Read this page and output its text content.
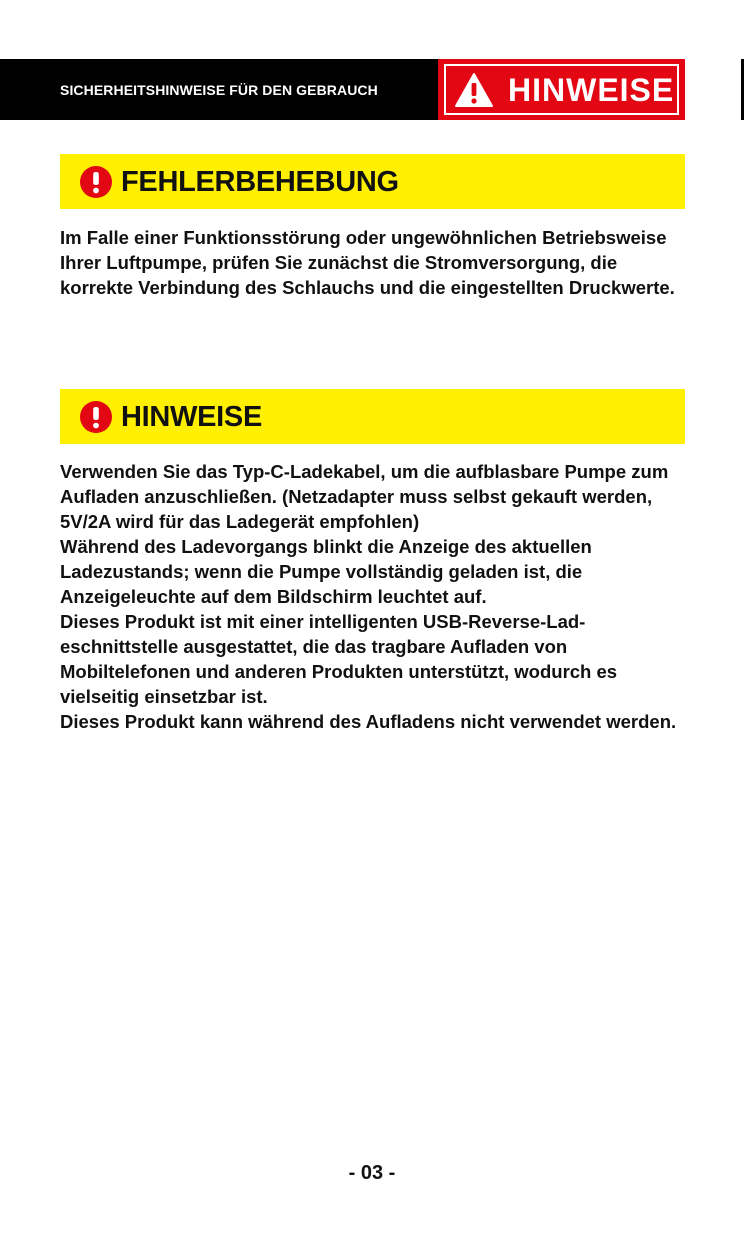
SICHERHEITSHINWEISE FÜR DEN GEBRAUCH	HINWEISE
FEHLERBEHEBUNG

Im Falle einer Funktionsstörung oder ungewöhnlichen Betriebsweise Ihrer Luftpumpe, prüfen Sie zunächst die Stromversorgung, die korrekte Verbindung des Schlauchs und die eingestellten Druckwerte.

HINWEISE

Verwenden Sie das Typ-C-Ladekabel, um die aufblasbare Pumpe zum Aufladen anzuschließen. (Netzadapter muss selbst gekauft werden, 5V/2A wird für das Ladegerät empfohlen)

Während des Ladevorgangs blinkt die Anzeige des aktuellen Ladezustands; wenn die Pumpe vollständig geladen ist, die Anzeigeleuchte auf dem Bildschirm leuchtet auf.

Dieses Produkt ist mit einer intelligenten USB-Reverse-Lad-eschnittstelle ausgestattet, die das tragbare Aufladen von Mobiltelefonen und anderen Produkten unterstützt, wodurch es vielseitig einsetzbar ist.

Dieses Produkt kann während des Aufladens nicht verwendet werden.

- 03 -
